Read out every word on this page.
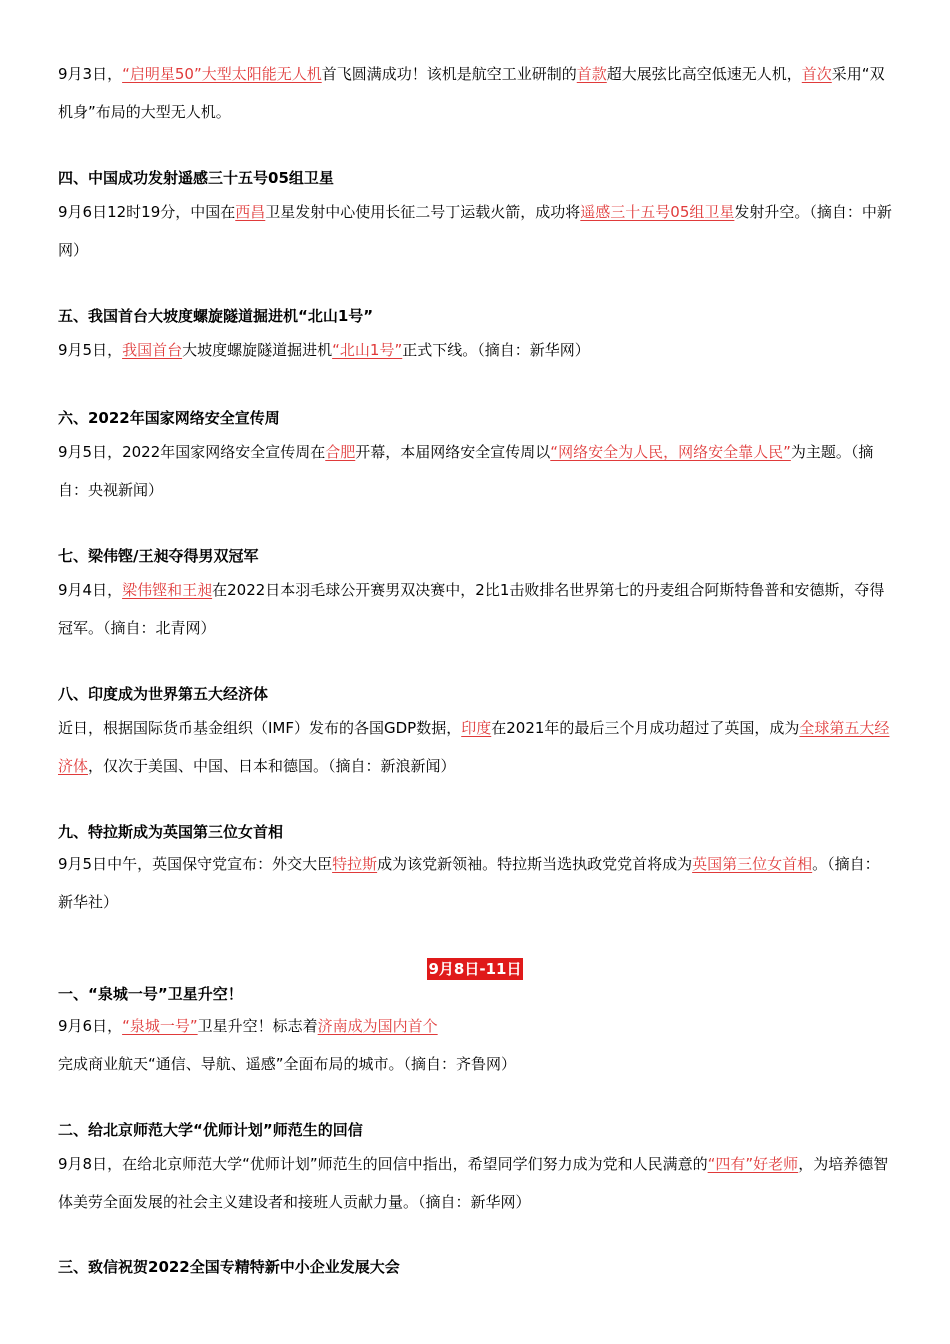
9月3日，“启明星50”大型太阳能无人机首飞圆满成功！该机是航空工业研制的首款超大展弦比高空低速无人机，首次采用“双机身”布局的大型无人机。

四、中国成功发射遥感三十五号05组卫星

9月6日12时19分，中国在西昌卫星发射中心使用长征二号丁运载火箭，成功将遥感三十五号05组卫星发射升空。（摘自：中新网）

五、我国首台大坡度螺旋隧道掘进机“北山1号”

9月5日，我国首台大坡度螺旋隧道掘进机“北山1号”正式下线。（摘自：新华网）

六、2022年国家网络安全宣传周

9月5日，2022年国家网络安全宣传周在合肥开幕，本届网络安全宣传周以“网络安全为人民，网络安全靠人民”为主题。（摘自：央视新闻）

七、梁伟铿/王昶夺得男双冠军

9月4日，梁伟铿和王昶在2022日本羽毛球公开赛男双决赛中，2比1击败排名世界第七的丹麦组合阿斯特鲁普和安德斯，夺得冠军。（摘自：北青网）

八、印度成为世界第五大经济体

近日，根据国际货币基金组织（IMF）发布的各国GDP数据，印度在2021年的最后三个月成功超过了英国，成为全球第五大经济体，仅次于美国、中国、日本和德国。（摘自：新浪新闻）

九、特拉斯成为英国第三位女首相

9月5日中午，英国保守党宣布：外交大臣特拉斯成为该党新领袖。特拉斯当选执政党党首将成为英国第三位女首相。（摘自：新华社）

9月8日-11日

一、“泉城一号”卫星升空！

9月6日，“泉城一号”卫星升空！标志着济南成为国内首个完成商业航天“通信、导航、遥感”全面布局的城市。（摘自：齐鲁网）

二、给北京师范大学“优师计划”师范生的回信

9月8日，在给北京师范大学“优师计划”师范生的回信中指出，希望同学们努力成为党和人民满意的“四有”好老师，为培养德智体美劳全面发展的社会主义建设者和接班人贡献力量。（摘自：新华网）

三、致信祝贺2022全国专精特新中小企业发展大会
